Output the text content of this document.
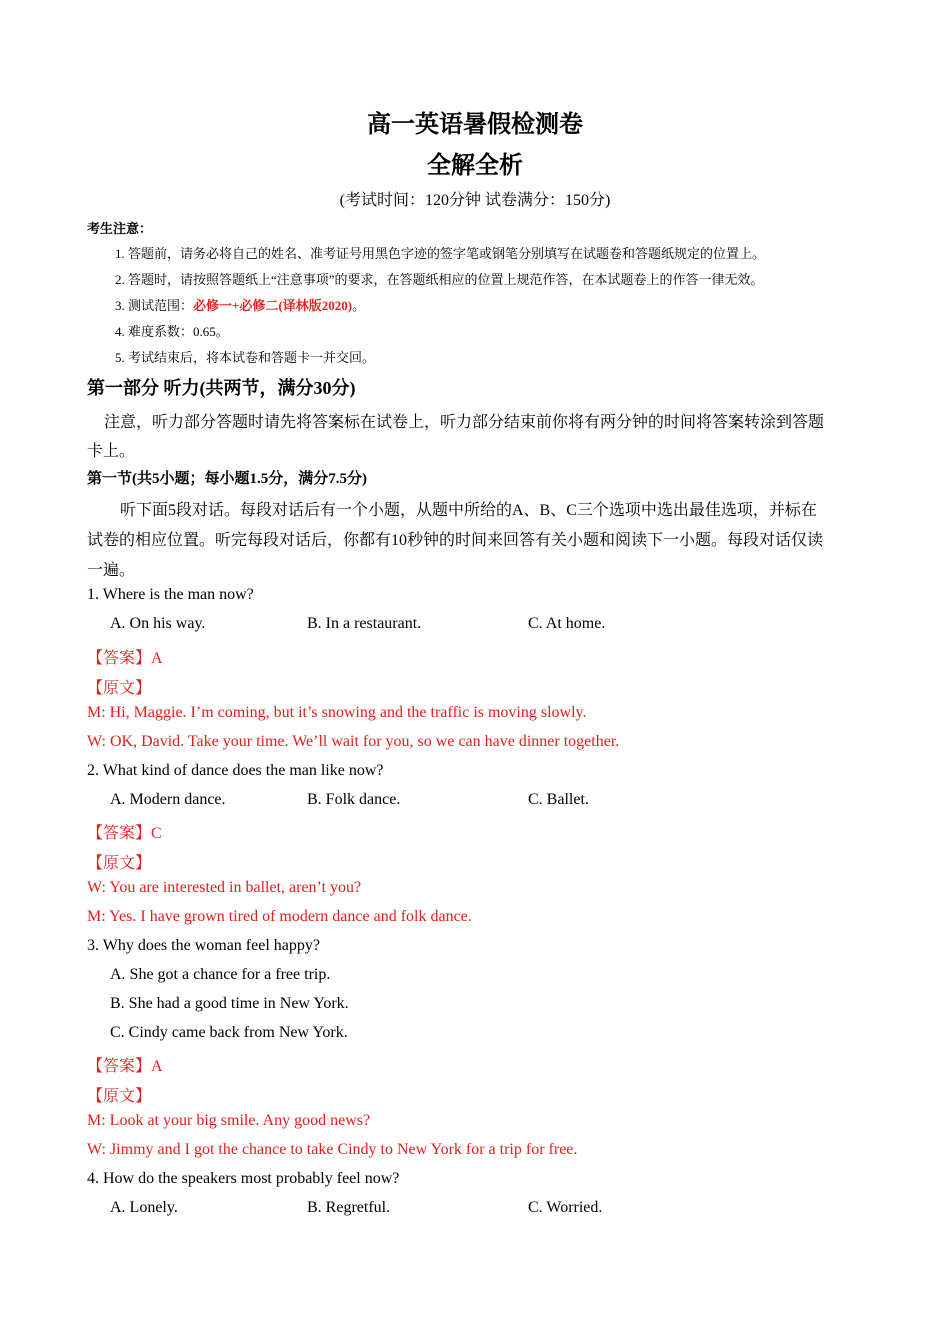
高一英语暑假检测卷
全解全析
(考试时间：120分钟 试卷满分：150分)
考生注意：
1. 答题前，请务必将自己的姓名、准考证号用黑色字迹的签字笔或钢笔分别填写在试题卷和答题纸规定的位置上。
2. 答题时，请按照答题纸上“注意事项”的要求，在答题纸相应的位置上规范作答，在本试题卷上的作答一律无效。
3. 测试范围：必修一+必修二(译林版2020)。
4. 难度系数：0.65。
5. 考试结束后，将本试卷和答题卡一并交回。
第一部分 听力(共两节，满分30分)
注意，听力部分答题时请先将答案标在试卷上，听力部分结束前你将有两分钟的时间将答案转涂到答题
卡上。
第一节(共5小题；每小题1.5分，满分7.5分)
听下面5段对话。每段对话后有一个小题，从题中所给的A、B、C三个选项中选出最佳选项，并标在
试卷的相应位置。听完每段对话后，你都有10秒钟的时间来回答有关小题和阅读下一小题。每段对话仅读
一遍。
1. Where is the man now?
A. On his way.	B. In a restaurant.	C. At home.
【答案】A
【原文】
M: Hi, Maggie. I’m coming, but it’s snowing and the traffic is moving slowly.
W: OK, David. Take your time. We’ll wait for you, so we can have dinner together.
2. What kind of dance does the man like now?
A. Modern dance.	B. Folk dance.	C. Ballet.
【答案】C
【原文】
W: You are interested in ballet, aren’t you?
M: Yes. I have grown tired of modern dance and folk dance.
3. Why does the woman feel happy?
A. She got a chance for a free trip.
B. She had a good time in New York.
C. Cindy came back from New York.
【答案】A
【原文】
M: Look at your big smile. Any good news?
W: Jimmy and I got the chance to take Cindy to New York for a trip for free.
4. How do the speakers most probably feel now?
A. Lonely.	B. Regretful.	C. Worried.
